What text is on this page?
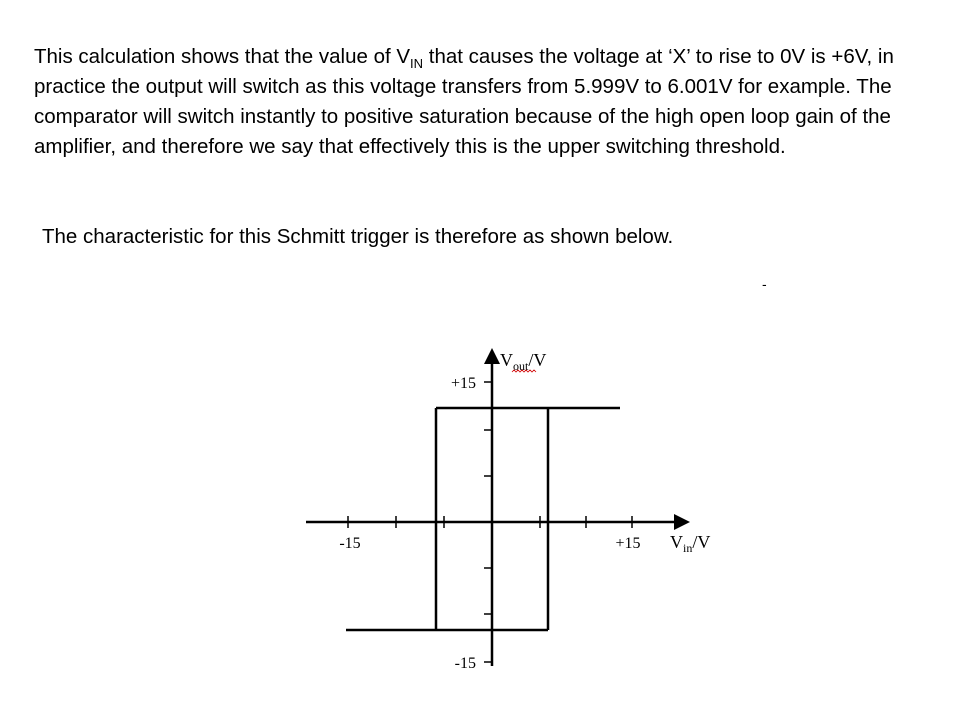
This calculation shows that the value of $V_{IN}$ that causes the voltage at ‘X’ to rise to 0V is +6V, in practice the output will switch as this voltage transfers from 5.999V to 6.001V for example. The comparator will switch instantly to positive saturation because of the high open loop gain of the amplifier, and therefore we say that effectively this is the upper switching threshold.

The characteristic for this Schmitt trigger is therefore as shown below.

-
+15
-15
-15	+15
$V_{out}/V$
$V_{in}/V$
